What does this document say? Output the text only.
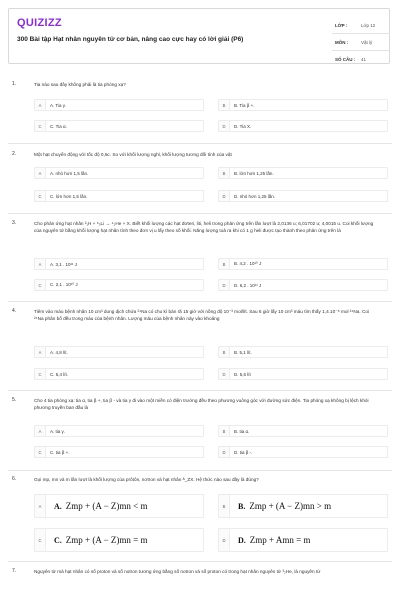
QUIZIZZ
300 Bài tập Hạt nhân nguyên tử cơ bản, nâng cao cực hay có lời giải (P6)
LỚP :	Lớp 12
MÔN :	Vật lý
SỐ CÂU :	41
1.	Tia nào sau đây không phải là tia phóng xạ?
A	A. Tia γ.	B	B. Tia β +.
C	C. Tia α.	D	D. Tia X.
2.	Một hạt chuyển động với tốc độ 0,6c. So với khối lượng nghỉ, khối lượng tương đối tính của vật
A	A. nhỏ hơn 1,5 lần.	B	B. lớn hơn 1,25 lần.
C	C. lớn hơn 1,5 lần.	D	D. nhỏ hơn 1,25 lần.
3.	Cho phản ứng hạt nhân ²₁H + ⁶₃Li → ⁴₂He + X. Biết khối lượng các hạt đơteri, liti, heli trong phản ứng trên lần lượt là 2,0136 u; 6,01702 u; 4,0015 u. Coi khối lượng của nguyên tử bằng khối lượng hạt nhân tính theo đơn vị u lấy theo số khối. Năng lượng toả ra khi có 1 g heli được tạo thành theo phản ứng trên là
A	A. 3,1 . 10¹¹ J	B	B. 4,2 . 10¹⁰ J
C	C. 2,1 . 10¹⁰ J	D	D. 6,2 . 10¹¹ J
4.	Tiêm vào máu bệnh nhân 10 cm³ dung dịch chứa ²⁴Na có chu kì bán rã 15 giờ với nồng độ 10⁻³ mol/lít. Sau 6 giờ lấy 10 cm³ máu tìm thấy 1,4.10⁻⁸ mol ²⁴Na. Coi ²⁴Na phân bố đều trong máu của bệnh nhân. Lượng máu của bệnh nhân này vào khoảng
A	A. 4,8 lít.	B	B. 5,1 lít.
C	C. 5,4 lít.	D	D. 5,6 lít
5.	Cho 4 tia phóng xạ: tia α, tia β +, tia β - và tia γ đi vào một miền có điện trường đều theo phương vuông góc với đường sức điện. Tia phóng xạ không bị lệch khỏi phương truyền ban đầu là
A	A. tia γ.	B	B. tia α.
C	C. tia β +.	D	D. tia β -.
6.	Gọi mp, mn và m lần lượt là khối lượng của prôtôn, nơtron và hạt nhân ᴬ_ZX. Hệ thức nào sau đây là đúng?
A	A. Zmp + (A − Z)mn < m	B	B. Zmp + (A − Z)mn > m
C	C. Zmp + (A − Z)mn = m	D	D. Zmp + Amn = m
7.	Nguyên tử mà hạt nhân có số proton và số notron tương ứng bằng số notron và số proton có trong hạt nhân nguyên tử ³₂He, là nguyên tử
